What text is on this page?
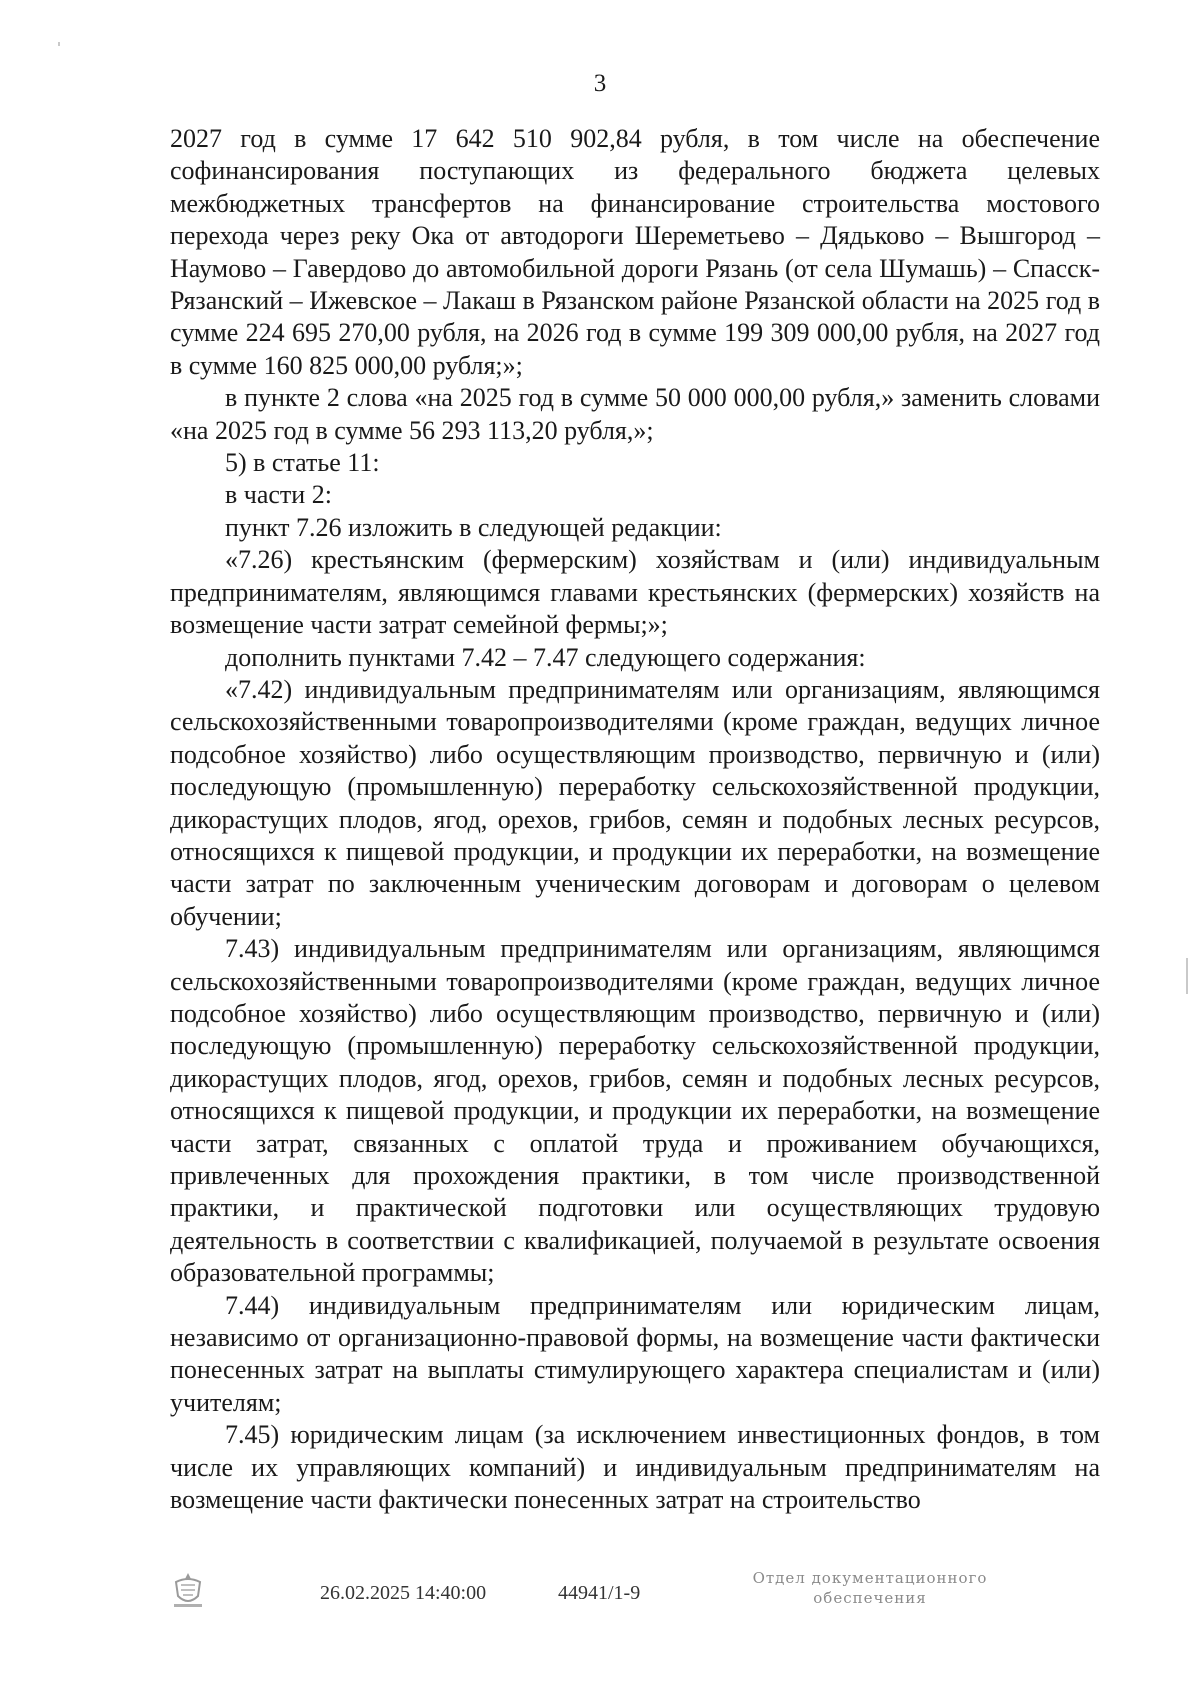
3

2027 год в сумме 17 642 510 902,84 рубля, в том числе на обеспечение софинансирования поступающих из федерального бюджета целевых межбюджетных трансфертов на финансирование строительства мостового перехода через реку Ока от автодороги Шереметьево – Дядьково – Вышгород – Наумово – Гавердово до автомобильной дороги Рязань (от села Шумашь) – Спасск-Рязанский – Ижевское – Лакаш в Рязанском районе Рязанской области на 2025 год в сумме 224 695 270,00 рубля, на 2026 год в сумме 199 309 000,00 рубля, на 2027 год в сумме 160 825 000,00 рубля;»;

в пункте 2 слова «на 2025 год в сумме 50 000 000,00 рубля,» заменить словами «на 2025 год в сумме 56 293 113,20 рубля,»;

5) в статье 11:

в части 2:

пункт 7.26 изложить в следующей редакции:

«7.26) крестьянским (фермерским) хозяйствам и (или) индивидуальным предпринимателям, являющимся главами крестьянских (фермерских) хозяйств на возмещение части затрат семейной фермы;»;

дополнить пунктами 7.42 – 7.47 следующего содержания:

«7.42) индивидуальным предпринимателям или организациям, являющимся сельскохозяйственными товаропроизводителями (кроме граждан, ведущих личное подсобное хозяйство) либо осуществляющим производство, первичную и (или) последующую (промышленную) переработку сельскохозяйственной продукции, дикорастущих плодов, ягод, орехов, грибов, семян и подобных лесных ресурсов, относящихся к пищевой продукции, и продукции их переработки, на возмещение части затрат по заключенным ученическим договорам и договорам о целевом обучении;

7.43) индивидуальным предпринимателям или организациям, являющимся сельскохозяйственными товаропроизводителями (кроме граждан, ведущих личное подсобное хозяйство) либо осуществляющим производство, первичную и (или) последующую (промышленную) переработку сельскохозяйственной продукции, дикорастущих плодов, ягод, орехов, грибов, семян и подобных лесных ресурсов, относящихся к пищевой продукции, и продукции их переработки, на возмещение части затрат, связанных с оплатой труда и проживанием обучающихся, привлеченных для прохождения практики, в том числе производственной практики, и практической подготовки или осуществляющих трудовую деятельность в соответствии с квалификацией, получаемой в результате освоения образовательной программы;

7.44) индивидуальным предпринимателям или юридическим лицам, независимо от организационно-правовой формы, на возмещение части фактически понесенных затрат на выплаты стимулирующего характера специалистам и (или) учителям;

7.45) юридическим лицам (за исключением инвестиционных фондов, в том числе их управляющих компаний) и индивидуальным предпринимателям на возмещение части фактически понесенных затрат на строительство

26.02.2025 14:40:00	44941/1-9
Отдел документационного
обеспечения
